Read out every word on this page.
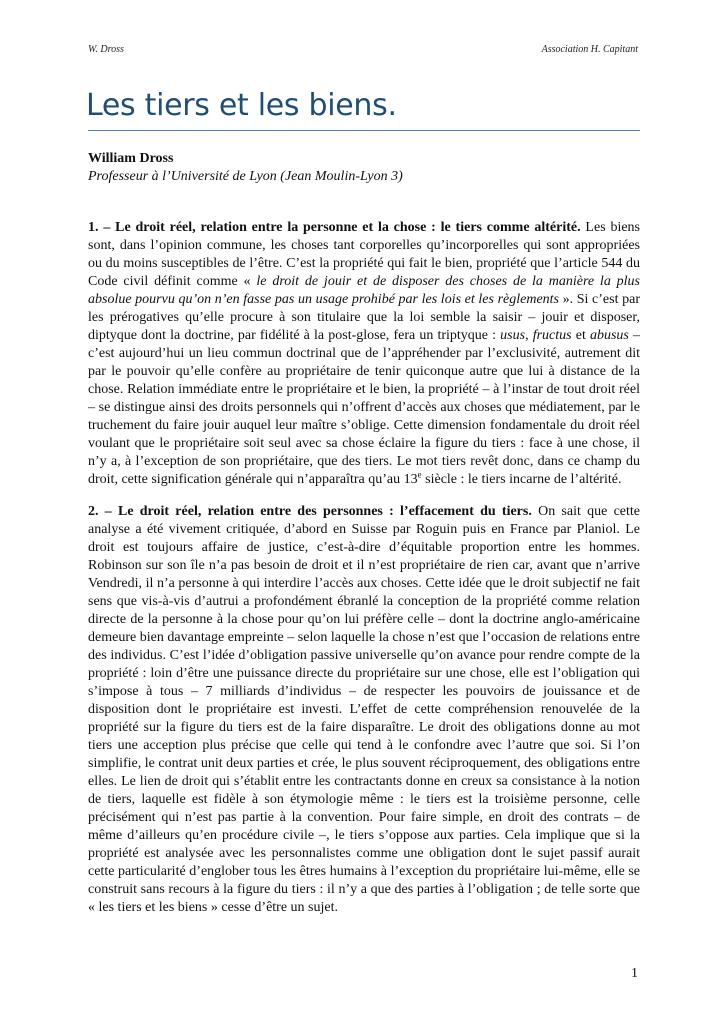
W. Dross	Association H. Capitant
Les tiers et les biens.
William Dross
Professeur à l’Université de Lyon (Jean Moulin-Lyon 3)

1. – Le droit réel, relation entre la personne et la chose : le tiers comme altérité. Les biens sont, dans l’opinion commune, les choses tant corporelles qu’incorporelles qui sont appropriées ou du moins susceptibles de l’être. C’est la propriété qui fait le bien, propriété que l’article 544 du Code civil définit comme « le droit de jouir et de disposer des choses de la manière la plus absolue pourvu qu’on n’en fasse pas un usage prohibé par les lois et les règlements ». Si c’est par les prérogatives qu’elle procure à son titulaire que la loi semble la saisir – jouir et disposer, diptyque dont la doctrine, par fidélité à la post-glose, fera un triptyque : usus, fructus et abusus – c’est aujourd’hui un lieu commun doctrinal que de l’appréhender par l’exclusivité, autrement dit par le pouvoir qu’elle confère au propriétaire de tenir quiconque autre que lui à distance de la chose. Relation immédiate entre le propriétaire et le bien, la propriété – à l’instar de tout droit réel – se distingue ainsi des droits personnels qui n’offrent d’accès aux choses que médiatement, par le truchement du faire jouir auquel leur maître s’oblige. Cette dimension fondamentale du droit réel voulant que le propriétaire soit seul avec sa chose éclaire la figure du tiers : face à une chose, il n’y a, à l’exception de son propriétaire, que des tiers. Le mot tiers revêt donc, dans ce champ du droit, cette signification générale qui n’apparaîtra qu’au 13e siècle : le tiers incarne de l’altérité.

2. – Le droit réel, relation entre des personnes : l’effacement du tiers. On sait que cette analyse a été vivement critiquée, d’abord en Suisse par Roguin puis en France par Planiol. Le droit est toujours affaire de justice, c’est-à-dire d’équitable proportion entre les hommes. Robinson sur son île n’a pas besoin de droit et il n’est propriétaire de rien car, avant que n’arrive Vendredi, il n’a personne à qui interdire l’accès aux choses. Cette idée que le droit subjectif ne fait sens que vis-à-vis d’autrui a profondément ébranlé la conception de la propriété comme relation directe de la personne à la chose pour qu’on lui préfère celle – dont la doctrine anglo-américaine demeure bien davantage empreinte – selon laquelle la chose n’est que l’occasion de relations entre des individus. C’est l’idée d’obligation passive universelle qu’on avance pour rendre compte de la propriété : loin d’être une puissance directe du propriétaire sur une chose, elle est l’obligation qui s’impose à tous – 7 milliards d’individus – de respecter les pouvoirs de jouissance et de disposition dont le propriétaire est investi. L’effet de cette compréhension renouvelée de la propriété sur la figure du tiers est de la faire disparaître. Le droit des obligations donne au mot tiers une acception plus précise que celle qui tend à le confondre avec l’autre que soi. Si l’on simplifie, le contrat unit deux parties et crée, le plus souvent réciproquement, des obligations entre elles. Le lien de droit qui s’établit entre les contractants donne en creux sa consistance à la notion de tiers, laquelle est fidèle à son étymologie même : le tiers est la troisième personne, celle précisément qui n’est pas partie à la convention. Pour faire simple, en droit des contrats – de même d’ailleurs qu’en procédure civile –, le tiers s’oppose aux parties. Cela implique que si la propriété est analysée avec les personnalistes comme une obligation dont le sujet passif aurait cette particularité d’englober tous les êtres humains à l’exception du propriétaire lui-même, elle se construit sans recours à la figure du tiers : il n’y a que des parties à l’obligation ; de telle sorte que « les tiers et les biens » cesse d’être un sujet.

1
